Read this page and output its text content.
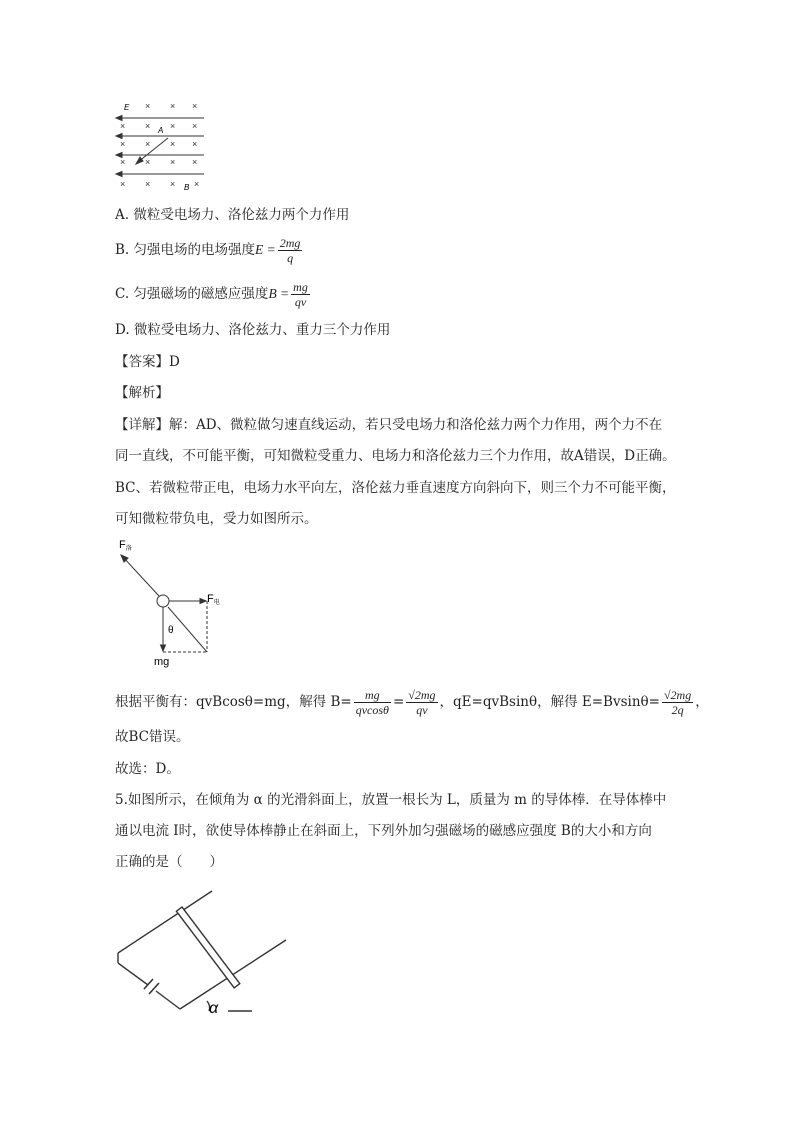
× × ×
× × × ×
× × × ×
× × × ×
× × × ×
E
A
B
A. 微粒受电场力、洛伦兹力两个力作用
B. 匀强电场的电场强度$E = \frac{2mg}{q}$
C. 匀强磁场的磁感应强度$B = \frac{mg}{qv}$
D. 微粒受电场力、洛伦兹力、重力三个力作用
【答案】D
【解析】
【详解】解：AD、微粒做匀速直线运动，若只受电场力和洛伦兹力两个力作用，两个力不在
同一直线，不可能平衡，可知微粒受重力、电场力和洛伦兹力三个力作用，故A错误，D正确。
BC、若微粒带正电，电场力水平向左，洛伦兹力垂直速度方向斜向下，则三个力不可能平衡，
可知微粒带负电，受力如图所示。
F洛
F电
θ
mg
根据平衡有：qvBcosθ=mg，解得 $B= \frac{mg}{qvcos\theta} = \frac{√2mg}{qv}$ ，qE=qvBsinθ，解得 $E=Bvsin\theta= \frac{√2mg}{2q}$ ，
故BC错误。
故选：D。
5.如图所示，在倾角为 α 的光滑斜面上，放置一根长为 L，质量为 m 的导体棒．在导体棒中
通以电流 I时，欲使导体棒静止在斜面上，下列外加匀强磁场的磁感应强度 B的大小和方向
正确的是（　　）
α
